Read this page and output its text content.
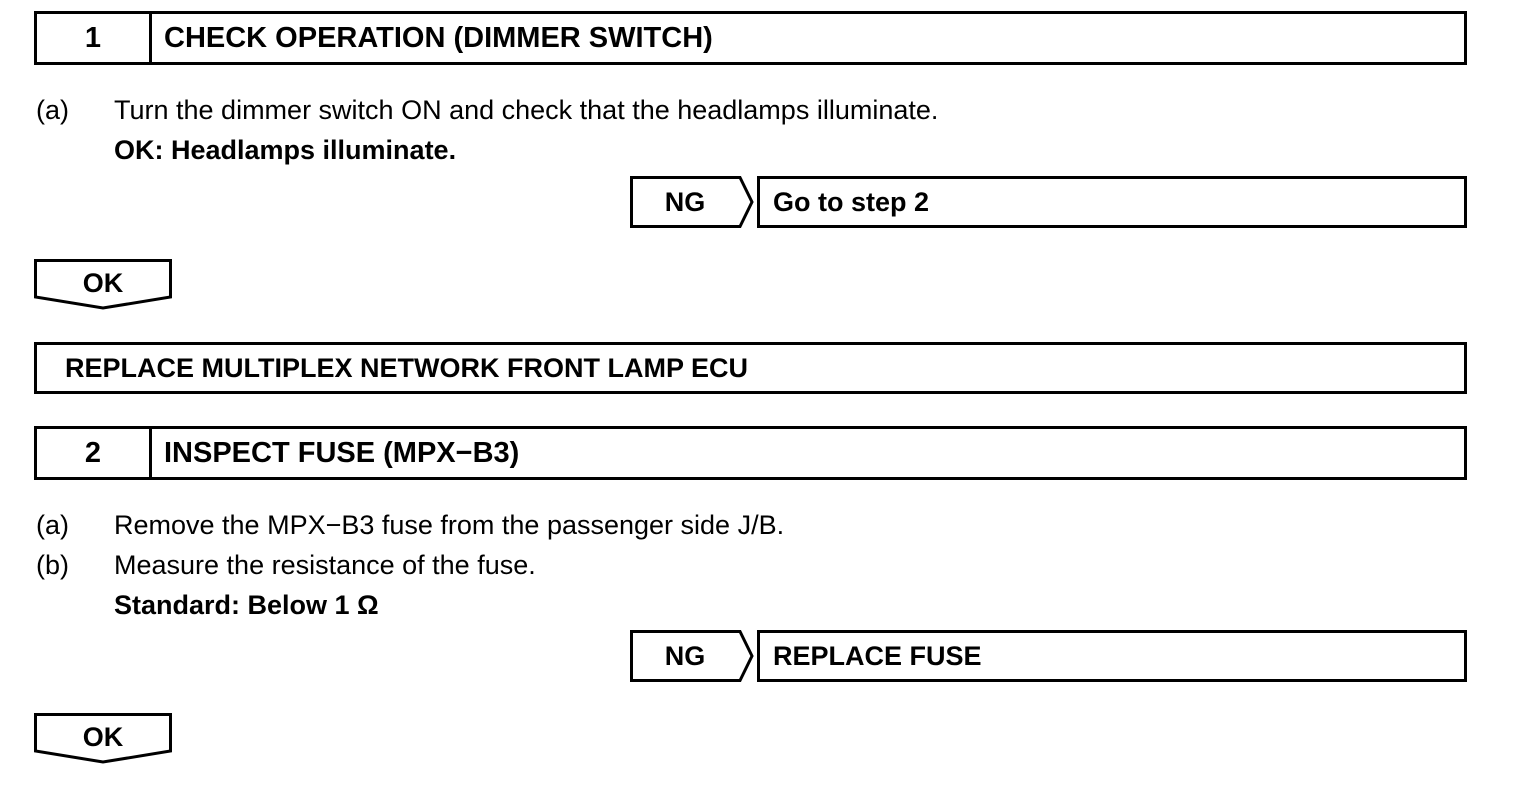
1	CHECK OPERATION (DIMMER SWITCH)
(a) Turn the dimmer switch ON and check that the headlamps illuminate.
OK: Headlamps illuminate.
NG	Go to step 2
OK
REPLACE MULTIPLEX NETWORK FRONT LAMP ECU
2	INSPECT FUSE (MPX−B3)
(a) Remove the MPX−B3 fuse from the passenger side J/B.
(b) Measure the resistance of the fuse.
Standard: Below 1 Ω
NG	REPLACE FUSE
OK
